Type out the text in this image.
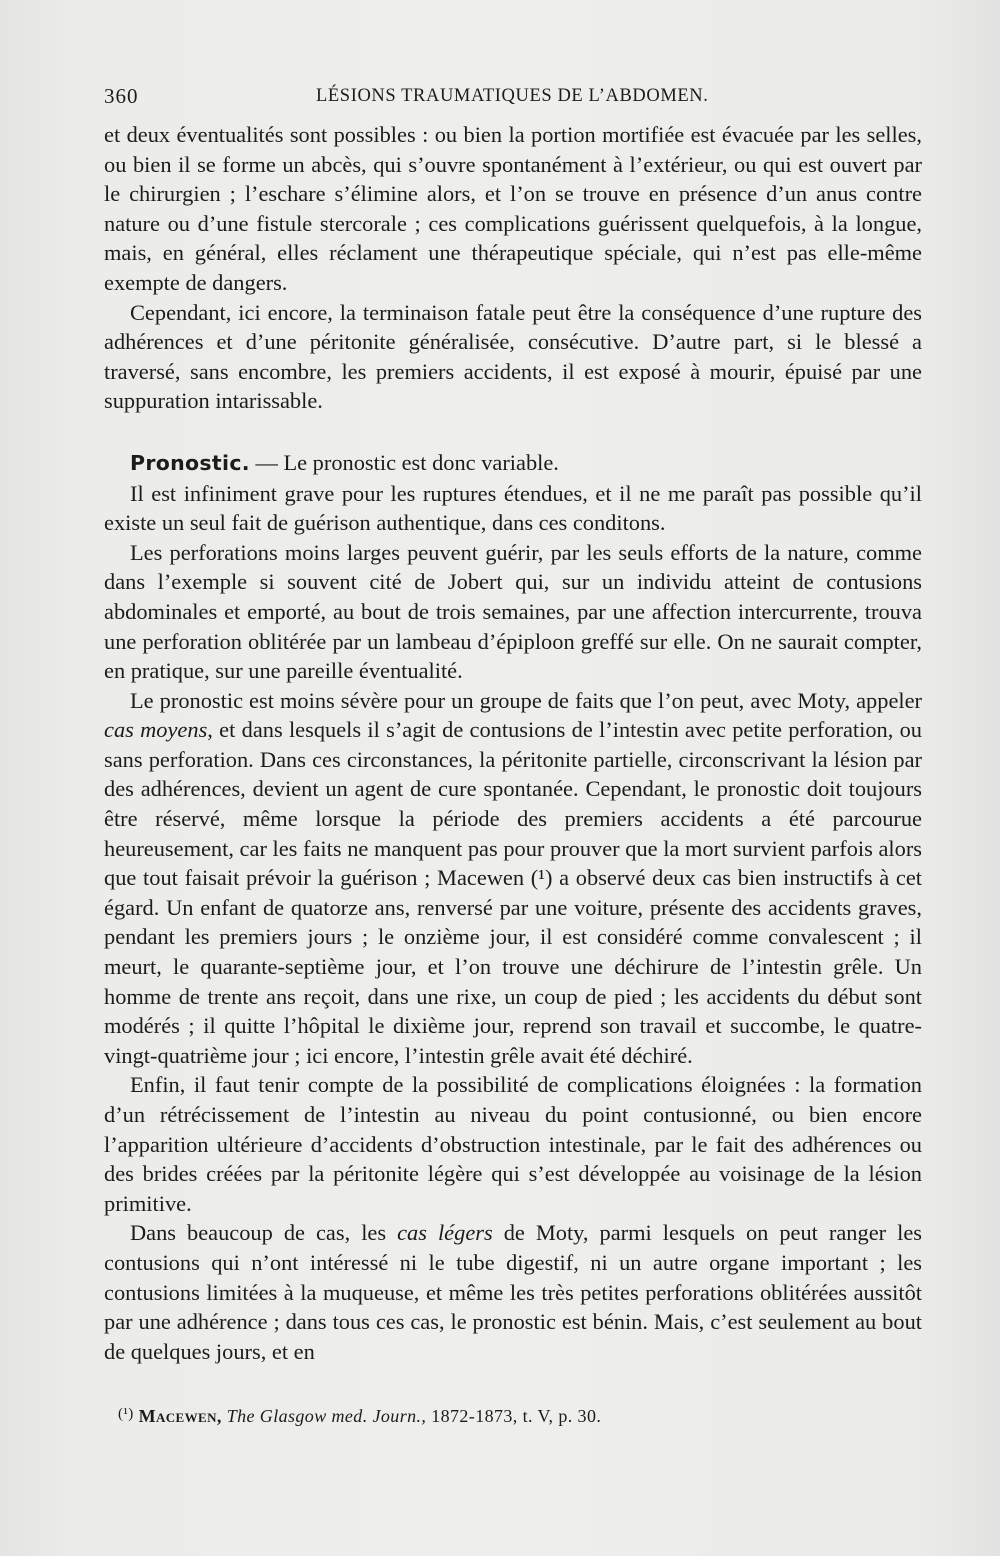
360	LÉSIONS TRAUMATIQUES DE L’ABDOMEN.

et deux éventualités sont possibles : ou bien la portion mortifiée est évacuée par les selles, ou bien il se forme un abcès, qui s’ouvre spontanément à l’extérieur, ou qui est ouvert par le chirurgien ; l’eschare s’élimine alors, et l’on se trouve en présence d’un anus contre nature ou d’une fistule stercorale ; ces complications guérissent quelquefois, à la longue, mais, en général, elles réclament une thérapeutique spéciale, qui n’est pas elle-même exempte de dangers.

Cependant, ici encore, la terminaison fatale peut être la conséquence d’une rupture des adhérences et d’une péritonite généralisée, consécutive. D’autre part, si le blessé a traversé, sans encombre, les premiers accidents, il est exposé à mourir, épuisé par une suppuration intarissable.

Pronostic. — Le pronostic est donc variable.

Il est infiniment grave pour les ruptures étendues, et il ne me paraît pas possible qu’il existe un seul fait de guérison authentique, dans ces conditons.

Les perforations moins larges peuvent guérir, par les seuls efforts de la nature, comme dans l’exemple si souvent cité de Jobert qui, sur un individu atteint de contusions abdominales et emporté, au bout de trois semaines, par une affection intercurrente, trouva une perforation oblitérée par un lambeau d’épiploon greffé sur elle. On ne saurait compter, en pratique, sur une pareille éventualité.

Le pronostic est moins sévère pour un groupe de faits que l’on peut, avec Moty, appeler cas moyens, et dans lesquels il s’agit de contusions de l’intestin avec petite perforation, ou sans perforation. Dans ces circonstances, la péritonite partielle, circonscrivant la lésion par des adhérences, devient un agent de cure spontanée. Cependant, le pronostic doit toujours être réservé, même lorsque la période des premiers accidents a été parcourue heureusement, car les faits ne manquent pas pour prouver que la mort survient parfois alors que tout faisait prévoir la guérison ; Macewen (¹) a observé deux cas bien instructifs à cet égard. Un enfant de quatorze ans, renversé par une voiture, présente des accidents graves, pendant les premiers jours ; le onzième jour, il est considéré comme convalescent ; il meurt, le quarante-septième jour, et l’on trouve une déchirure de l’intestin grêle. Un homme de trente ans reçoit, dans une rixe, un coup de pied ; les accidents du début sont modérés ; il quitte l’hôpital le dixième jour, reprend son travail et succombe, le quatre-vingt-quatrième jour ; ici encore, l’intestin grêle avait été déchiré.

Enfin, il faut tenir compte de la possibilité de complications éloignées : la formation d’un rétrécissement de l’intestin au niveau du point contusionné, ou bien encore l’apparition ultérieure d’accidents d’obstruction intestinale, par le fait des adhérences ou des brides créées par la péritonite légère qui s’est développée au voisinage de la lésion primitive.

Dans beaucoup de cas, les cas légers de Moty, parmi lesquels on peut ranger les contusions qui n’ont intéressé ni le tube digestif, ni un autre organe important ; les contusions limitées à la muqueuse, et même les très petites perforations oblitérées aussitôt par une adhérence ; dans tous ces cas, le pronostic est bénin. Mais, c’est seulement au bout de quelques jours, et en

$^{(^1)}$ Macewen, The Glasgow med. Journ., 1872-1873, t. V, p. 30.
